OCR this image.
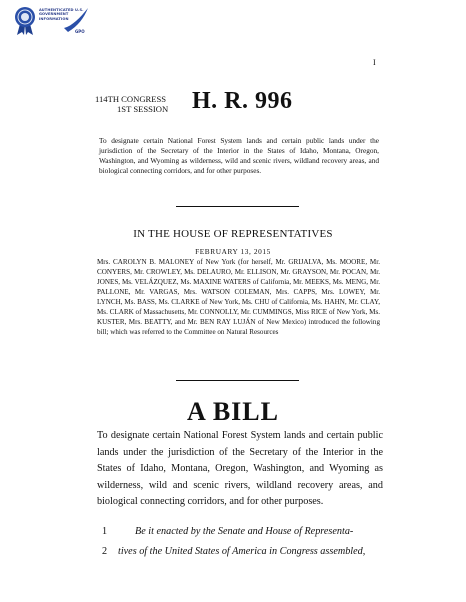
AUTHENTICATED U.S. GOVERNMENT INFORMATION
GPO
I
114TH CONGRESS
1ST SESSION H. R. 996
To designate certain National Forest System lands and certain public lands under the jurisdiction of the Secretary of the Interior in the States of Idaho, Montana, Oregon, Washington, and Wyoming as wilderness, wild and scenic rivers, wildland recovery areas, and biological connecting corridors, and for other purposes.
IN THE HOUSE OF REPRESENTATIVES
FEBRUARY 13, 2015

Mrs. CAROLYN B. MALONEY of New York (for herself, Mr. GRIJALVA, Ms. MOORE, Mr. CONYERS, Mr. CROWLEY, Ms. DELAURO, Mr. ELLISON, Mr. GRAYSON, Mr. POCAN, Mr. JONES, Ms. VELÁZQUEZ, Ms. MAXINE WATERS of California, Mr. MEEKS, Ms. MENG, Mr. PALLONE, Mr. VARGAS, Mrs. WATSON COLEMAN, Mrs. CAPPS, Mrs. LOWEY, Mr. LYNCH, Ms. BASS, Ms. CLARKE of New York, Ms. CHU of California, Ms. HAHN, Mr. CLAY, Ms. CLARK of Massachusetts, Mr. CONNOLLY, Mr. CUMMINGS, Miss RICE of New York, Ms. KUSTER, Mrs. BEATTY, and Mr. BEN RAY LUJÁN of New Mexico) introduced the following bill; which was referred to the Committee on Natural Resources

A BILL

To designate certain National Forest System lands and certain public lands under the jurisdiction of the Secretary of the Interior in the States of Idaho, Montana, Oregon, Washington, and Wyoming as wilderness, wild and scenic rivers, wildland recovery areas, and biological connecting corridors, and for other purposes.

1	Be it enacted by the Senate and House of Representa-
2 tives of the United States of America in Congress assembled,
